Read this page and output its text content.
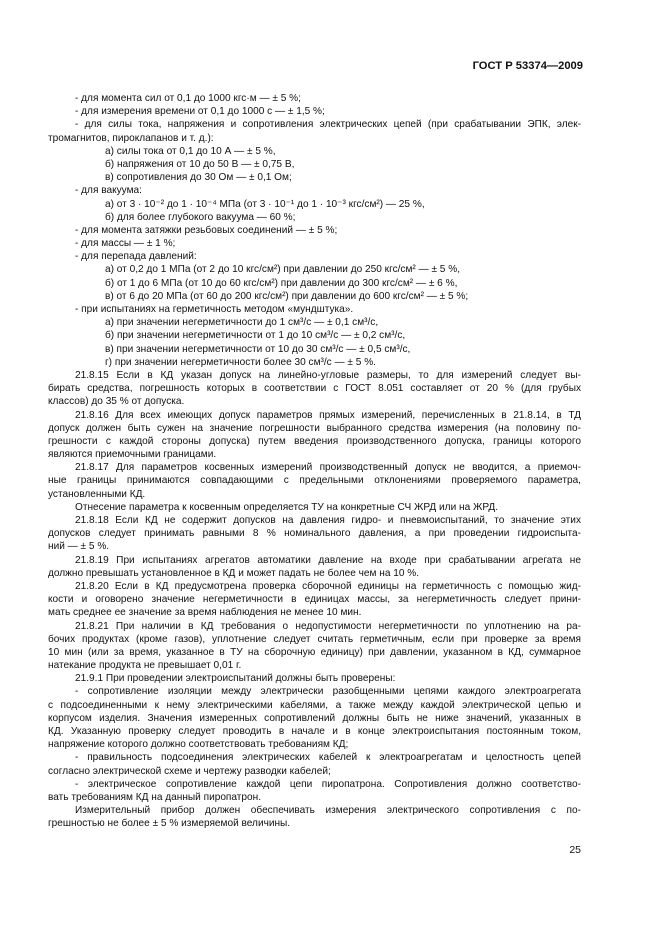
ГОСТ Р 53374—2009
- для момента сил от 0,1 до 1000 кгс·м — ± 5 %;
- для измерения времени от 0,1 до 1000 с — ± 1,5 %;
- для силы тока, напряжения и сопротивления электрических цепей (при срабатывании ЭПК, элек-
тромагнитов, пироклапанов и т. д.):
а) силы тока от 0,1 до 10 А — ± 5 %,
б) напряжения от 10 до 50 В — ± 0,75 В,
в) сопротивления до 30 Ом — ± 0,1 Ом;
- для вакуума:
а) от 3 · 10⁻² до 1 · 10⁻⁴ МПа (от 3 · 10⁻¹ до 1 · 10⁻³ кгс/см²) — 25 %,
б) для более глубокого вакуума — 60 %;
- для момента затяжки резьбовых соединений — ± 5 %;
- для массы — ± 1 %;
- для перепада давлений:
а) от 0,2 до 1 МПа (от 2 до 10 кгс/см²) при давлении до 250 кгс/см² — ± 5 %,
б) от 1 до 6 МПа (от 10 до 60 кгс/см²) при давлении до 300 кгс/см² — ± 6 %,
в) от 6 до 20 МПа (от 60 до 200 кгс/см²) при давлении до 600 кгс/см² — ± 5 %;
- при испытаниях на герметичность методом «мундштука».
а) при значении негерметичности до 1 см³/с — ± 0,1 см³/с,
б) при значении негерметичности от 1 до 10 см³/с — ± 0,2 см³/с,
в) при значении негерметичности от 10 до 30 см³/с — ± 0,5 см³/с,
г) при значении негерметичности более 30 см³/с — ± 5 %.
21.8.15 Если в КД указан допуск на линейно-угловые размеры, то для измерений следует вы-
бирать средства, погрешность которых в соответствии с ГОСТ 8.051 составляет от 20 % (для грубых
классов) до 35 % от допуска.
21.8.16 Для всех имеющих допуск параметров прямых измерений, перечисленных в 21.8.14, в ТД
допуск должен быть сужен на значение погрешности выбранного средства измерения (на половину по-
грешности с каждой стороны допуска) путем введения производственного допуска, границы которого
являются приемочными границами.
21.8.17 Для параметров косвенных измерений производственный допуск не вводится, а приемоч-
ные границы принимаются совпадающими с предельными отклонениями проверяемого параметра,
установленными КД.
Отнесение параметра к косвенным определяется ТУ на конкретные СЧ ЖРД или на ЖРД.
21.8.18 Если КД не содержит допусков на давления гидро- и пневмоиспытаний, то значение этих
допусков следует принимать равными 8 % номинального давления, а при проведении гидроиспыта-
ний — ± 5 %.
21.8.19 При испытаниях агрегатов автоматики давление на входе при срабатывании агрегата не
должно превышать установленное в КД и может падать не более чем на 10 %.
21.8.20 Если в КД предусмотрена проверка сборочной единицы на герметичность с помощью жид-
кости и оговорено значение негерметичности в единицах массы, за негерметичность следует прини-
мать среднее ее значение за время наблюдения не менее 10 мин.
21.8.21 При наличии в КД требования о недопустимости негерметичности по уплотнению на ра-
бочих продуктах (кроме газов), уплотнение следует считать герметичным, если при проверке за время
10 мин (или за время, указанное в ТУ на сборочную единицу) при давлении, указанном в КД, суммарное
натекание продукта не превышает 0,01 г.
21.9.1 При проведении электроиспытаний должны быть проверены:
- сопротивление изоляции между электрически разобщенными цепями каждого электроагрегата
с подсоединенными к нему электрическими кабелями, а также между каждой электрической цепью и
корпусом изделия. Значения измеренных сопротивлений должны быть не ниже значений, указанных в
КД. Указанную проверку следует проводить в начале и в конце электроиспытания постоянным током,
напряжение которого должно соответствовать требованиям КД;
- правильность подсоединения электрических кабелей к электроагрегатам и целостность цепей
согласно электрической схеме и чертежу разводки кабелей;
- электрическое сопротивление каждой цепи пиропатрона. Сопротивления должно соответство-
вать требованиям КД на данный пиропатрон.
Измерительный прибор должен обеспечивать измерения электрического сопротивления с по-
грешностью не более ± 5 % измеряемой величины.
25
